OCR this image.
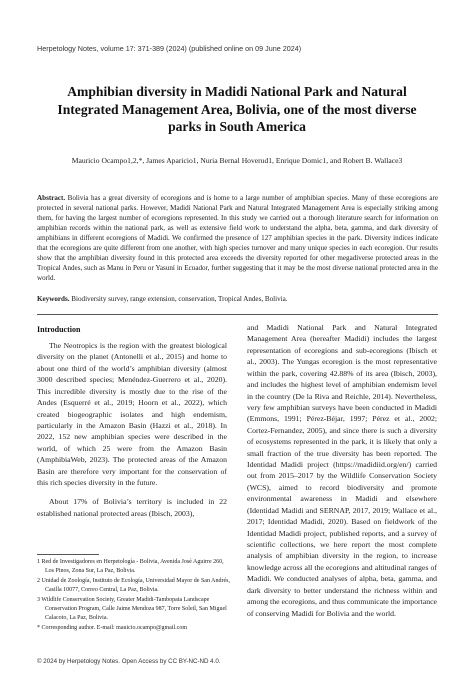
Herpetology Notes, volume 17: 371-389 (2024) (published online on 09 June 2024)
Amphibian diversity in Madidi National Park and Natural Integrated Management Area, Bolivia, one of the most diverse parks in South America
Mauricio Ocampo1,2,*, James Aparicio1, Nuria Bernal Hoverud1, Enrique Domic1, and Robert B. Wallace3
Abstract. Bolivia has a great diversity of ecoregions and is home to a large number of amphibian species. Many of these ecoregions are protected in several national parks. However, Madidi National Park and Natural Integrated Management Area is especially striking among them, for having the largest number of ecoregions represented. In this study we carried out a thorough literature search for information on amphibian records within the national park, as well as extensive field work to understand the alpha, beta, gamma, and dark diversity of amphibians in different ecoregions of Madidi. We confirmed the presence of 127 amphibian species in the park. Diversity indices indicate that the ecoregions are quite different from one another, with high species turnover and many unique species in each ecoregion. Our results show that the amphibian diversity found in this protected area exceeds the diversity reported for other megadiverse protected areas in the Tropical Andes, such as Manu in Peru or Yasuní in Ecuador, further suggesting that it may be the most diverse national protected area in the world.
Keywords. Biodiversity survey, range extension, conservation, Tropical Andes, Bolivia.
Introduction

The Neotropics is the region with the greatest biological diversity on the planet (Antonelli et al., 2015) and home to about one third of the world’s amphibian diversity (almost 3000 described species; Menéndez-Guerrero et al., 2020). This incredible diversity is mostly due to the rise of the Andes (Esquerré et al., 2019; Hoorn et al., 2022), which created biogeographic isolates and high endemism, particularly in the Amazon Basin (Hazzi et al., 2018). In 2022, 152 new amphibian species were described in the world, of which 25 were from the Amazon Basin (AmphibiaWeb, 2023). The protected areas of the Amazon Basin are therefore very important for the conservation of this rich species diversity in the future.

About 17% of Bolivia’s territory is included in 22 established national protected areas (Ibisch, 2003),

and Madidi National Park and Natural Integrated Management Area (hereafter Madidi) includes the largest representation of ecoregions and sub-ecoregions (Ibisch et al., 2003). The Yungas ecoregion is the most representative within the park, covering 42.88% of its area (Ibisch, 2003), and includes the highest level of amphibian endemism level in the country (De la Riva and Reichle, 2014). Nevertheless, very few amphibian surveys have been conducted in Madidi (Emmons, 1991; Pérez-Béjar, 1997; Pérez et al., 2002; Cortez-Fernandez, 2005), and since there is such a diversity of ecosystems represented in the park, it is likely that only a small fraction of the true diversity has been reported. The Identidad Madidi project (https://madidiid.org/en/) carried out from 2015–2017 by the Wildlife Conservation Society (WCS), aimed to record biodiversity and promote environmental awareness in Madidi and elsewhere (Identidad Madidi and SERNAP, 2017, 2019; Wallace et al., 2017; Identidad Madidi, 2020). Based on fieldwork of the Identidad Madidi project, published reports, and a survey of scientific collections, we here report the most complete analysis of amphibian diversity in the region, to increase knowledge across all the ecoregions and altitudinal ranges of Madidi. We conducted analyses of alpha, beta, gamma, and dark diversity to better understand the richness within and among the ecoregions, and thus communicate the importance of conserving Madidi for Bolivia and the world.

1 Red de Investigadores en Herpetología - Bolivia, Avenida José Aguirre 260, Los Pinos, Zona Sur, La Paz, Bolivia.
2 Unidad de Zoología, Instituto de Ecología, Universidad Mayor de San Andrés, Casilla 10077, Correo Central, La Paz, Bolivia.
3 Wildlife Conservation Society, Greater Madidi-Tambopata Landscape Conservation Program, Calle Jaime Mendoza 987, Torre Soleil, San Miguel Calacoto, La Paz, Bolivia.
* Corresponding author. E-mail: mauicio.ocampo@gmail.com
© 2024 by Herpetology Notes. Open Access by CC BY-NC-ND 4.0.
